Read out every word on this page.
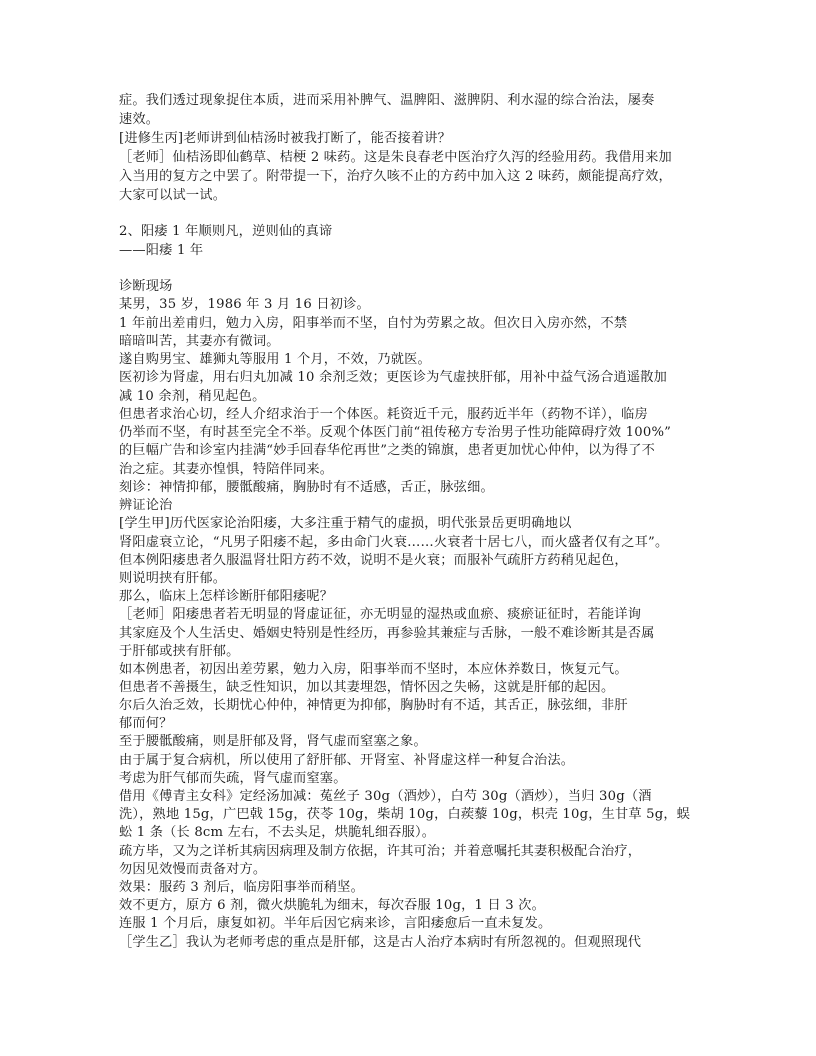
症。我们透过现象捉住本质，进而采用补脾气、温脾阳、滋脾阴、利水湿的综合治法，屡奏
速效。
[进修生丙]老师讲到仙桔汤时被我打断了，能否接着讲？
［老师］仙桔汤即仙鹤草、桔梗 2 味药。这是朱良春老中医治疗久泻的经验用药。我借用来加
入当用的复方之中罢了。附带提一下，治疗久咳不止的方药中加入这 2 味药，颇能提高疗效，
大家可以试一试。
2、阳痿 1 年顺则凡，逆则仙的真谛
——阳痿 1 年
诊断现场
某男，35 岁，1986 年 3 月 16 日初诊。
1 年前出差甫归，勉力入房，阳事举而不坚，自忖为劳累之故。但次日入房亦然，不禁
暗暗叫苦，其妻亦有微词。
遂自购男宝、雄狮丸等服用 1 个月，不效，乃就医。
医初诊为肾虚，用右归丸加减 10 余剂乏效；更医诊为气虚挟肝郁，用补中益气汤合逍遥散加
减 10 余剂，稍见起色。
但患者求治心切，经人介绍求治于一个体医。耗资近千元，服药近半年（药物不详），临房
仍举而不坚，有时甚至完全不举。反观个体医门前“祖传秘方专治男子性功能障碍疗效 100%”
的巨幅广告和诊室内挂满“妙手回春华佗再世”之类的锦旗，患者更加忧心仲仲，以为得了不
治之症。其妻亦惶惧，特陪伴同来。
刻诊：神情抑郁，腰骶酸痛，胸胁时有不适感，舌正，脉弦细。
辨证论治
[学生甲]历代医家论治阳痿，大多注重于精气的虚损，明代张景岳更明确地以
肾阳虚衰立论，“凡男子阳痿不起，多由命门火衰……火衰者十居七八，而火盛者仅有之耳”。
但本例阳痿患者久服温肾壮阳方药不效，说明不是火衰；而服补气疏肝方药稍见起色，
则说明挟有肝郁。
那么，临床上怎样诊断肝郁阳痿呢？
［老师］阳痿患者若无明显的肾虚证征，亦无明显的湿热或血瘀、痰瘀证征时，若能详询
其家庭及个人生活史、婚姻史特别是性经历，再参验其兼症与舌脉，一般不难诊断其是否属
于肝郁或挟有肝郁。
如本例患者，初因出差劳累，勉力入房，阳事举而不坚时，本应休养数日，恢复元气。
但患者不善摄生，缺乏性知识，加以其妻埋怨，情怀因之失畅，这就是肝郁的起因。
尔后久治乏效，长期忧心仲仲，神情更为抑郁，胸胁时有不适，其舌正，脉弦细，非肝
郁而何？
至于腰骶酸痛，则是肝郁及肾，肾气虚而窒塞之象。
由于属于复合病机，所以使用了舒肝郁、开肾室、补肾虚这样一种复合治法。
考虑为肝气郁而失疏，肾气虚而窒塞。
借用《傅青主女科》定经汤加减：菟丝子 30g（酒炒），白芍 30g（酒炒），当归 30g（酒
洗），熟地 15g，广巴戟 15g，茯苓 10g，柴胡 10g，白蒺藜 10g，枳壳 10g，生甘草 5g，蜈
蚣 1 条（长 8cm 左右，不去头足，烘脆轧细吞服）。
疏方毕，又为之详析其病因病理及制方依据，许其可治；并着意嘱托其妻积极配合治疗，
勿因见效慢而责备对方。
效果：服药 3 剂后，临房阳事举而稍坚。
效不更方，原方 6 剂，微火烘脆轧为细末，每次吞服 10g，1 日 3 次。
连服 1 个月后，康复如初。半年后因它病来诊，言阳痿愈后一直未复发。
［学生乙］我认为老师考虑的重点是肝郁，这是古人治疗本病时有所忽视的。但观照现代
